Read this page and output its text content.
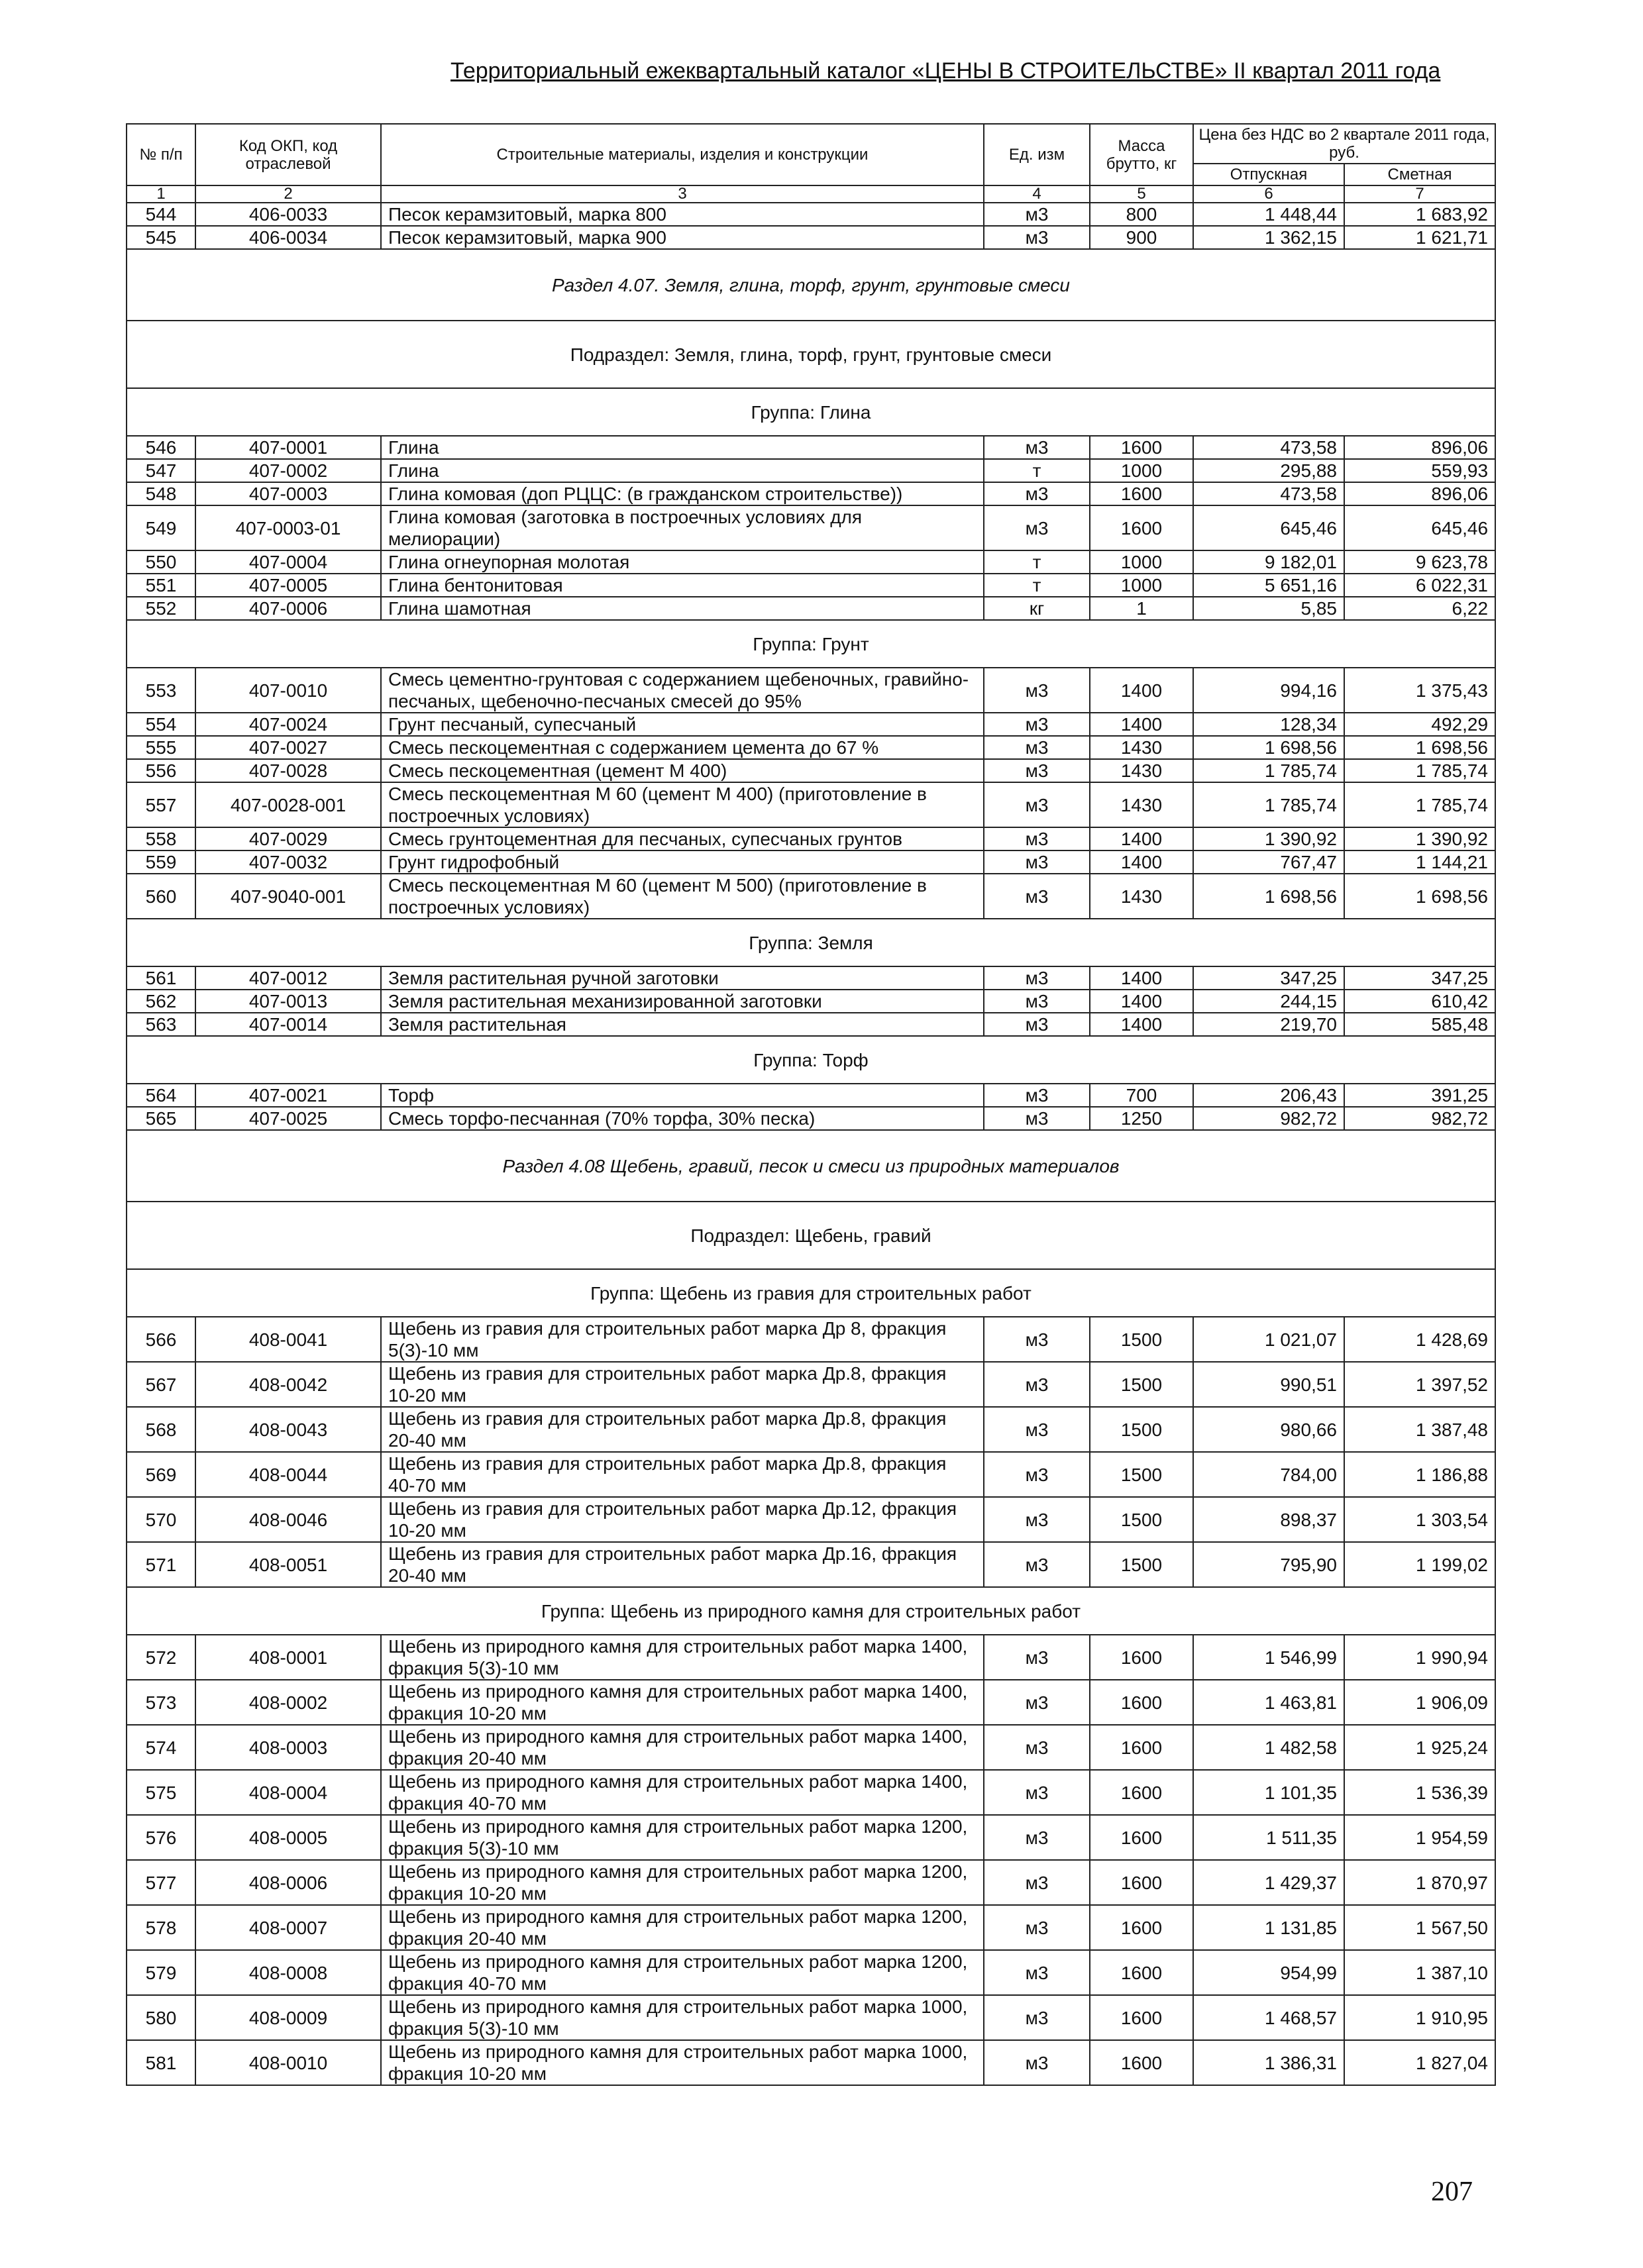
Территориальный ежеквартальный каталог «ЦЕНЫ В СТРОИТЕЛЬСТВЕ» II квартал 2011 года
№ п/п	Код ОКП, код отраслевой	Строительные материалы, изделия и конструкции	Ед. изм	Масса брутто, кг	Цена без НДС во 2 квартале 2011 года, руб.	
					Отпускная	Сметная
1	2	3	4	5	6	7
544	406-0033	Песок керамзитовый, марка 800	м3	800	1 448,44	1 683,92
545	406-0034	Песок керамзитовый, марка 900	м3	900	1 362,15	1 621,71
Раздел 4.07. Земля, глина, торф, грунт, грунтовые смеси						
Подраздел: Земля, глина, торф, грунт, грунтовые смеси						
Группа: Глина						
546	407-0001	Глина	м3	1600	473,58	896,06
547	407-0002	Глина	т	1000	295,88	559,93
548	407-0003	Глина комовая (доп РЦЦС: (в гражданском строительстве))	м3	1600	473,58	896,06
549	407-0003-01	Глина комовая (заготовка в построечных условиях для мелиорации)	м3	1600	645,46	645,46
550	407-0004	Глина огнеупорная молотая	т	1000	9 182,01	9 623,78
551	407-0005	Глина бентонитовая	т	1000	5 651,16	6 022,31
552	407-0006	Глина шамотная	кг	1	5,85	6,22
Группа: Грунт						
553	407-0010	Смесь цементно-грунтовая с содержанием щебеночных, гравийно-песчаных, щебеночно-песчаных смесей до 95%	м3	1400	994,16	1 375,43
554	407-0024	Грунт песчаный, супесчаный	м3	1400	128,34	492,29
555	407-0027	Смесь пескоцементная с содержанием цемента до 67 %	м3	1430	1 698,56	1 698,56
556	407-0028	Смесь пескоцементная (цемент М 400)	м3	1430	1 785,74	1 785,74
557	407-0028-001	Смесь пескоцементная М 60 (цемент М 400) (приготовление в построечных условиях)	м3	1430	1 785,74	1 785,74
558	407-0029	Смесь грунтоцементная для песчаных, супесчаных грунтов	м3	1400	1 390,92	1 390,92
559	407-0032	Грунт гидрофобный	м3	1400	767,47	1 144,21
560	407-9040-001	Смесь пескоцементная М 60 (цемент М 500) (приготовление в построечных условиях)	м3	1430	1 698,56	1 698,56
Группа: Земля						
561	407-0012	Земля растительная ручной заготовки	м3	1400	347,25	347,25
562	407-0013	Земля растительная механизированной заготовки	м3	1400	244,15	610,42
563	407-0014	Земля растительная	м3	1400	219,70	585,48
Группа: Торф						
564	407-0021	Торф	м3	700	206,43	391,25
565	407-0025	Смесь торфо-песчанная (70% торфа, 30% песка)	м3	1250	982,72	982,72
Раздел 4.08 Щебень, гравий, песок и смеси из природных материалов						
Подраздел: Щебень, гравий						
Группа: Щебень из гравия для строительных работ						
566	408-0041	Щебень из гравия для строительных работ марка Др 8, фракция 5(3)-10 мм	м3	1500	1 021,07	1 428,69
567	408-0042	Щебень из гравия для строительных работ марка Др.8, фракция 10-20 мм	м3	1500	990,51	1 397,52
568	408-0043	Щебень из гравия для строительных работ марка Др.8, фракция 20-40 мм	м3	1500	980,66	1 387,48
569	408-0044	Щебень из гравия для строительных работ марка Др.8, фракция 40-70 мм	м3	1500	784,00	1 186,88
570	408-0046	Щебень из гравия для строительных работ марка Др.12, фракция 10-20 мм	м3	1500	898,37	1 303,54
571	408-0051	Щебень из гравия для строительных работ марка Др.16, фракция 20-40 мм	м3	1500	795,90	1 199,02
Группа: Щебень из природного камня для строительных работ						
572	408-0001	Щебень из природного камня для строительных работ марка 1400, фракция 5(3)-10 мм	м3	1600	1 546,99	1 990,94
573	408-0002	Щебень из природного камня для строительных работ марка 1400, фракция 10-20 мм	м3	1600	1 463,81	1 906,09
574	408-0003	Щебень из природного камня для строительных работ марка 1400, фракция 20-40 мм	м3	1600	1 482,58	1 925,24
575	408-0004	Щебень из природного камня для строительных работ марка 1400, фракция 40-70 мм	м3	1600	1 101,35	1 536,39
576	408-0005	Щебень из природного камня для строительных работ марка 1200, фракция 5(3)-10 мм	м3	1600	1 511,35	1 954,59
577	408-0006	Щебень из природного камня для строительных работ марка 1200, фракция 10-20 мм	м3	1600	1 429,37	1 870,97
578	408-0007	Щебень из природного камня для строительных работ марка 1200, фракция 20-40 мм	м3	1600	1 131,85	1 567,50
579	408-0008	Щебень из природного камня для строительных работ марка 1200, фракция 40-70 мм	м3	1600	954,99	1 387,10
580	408-0009	Щебень из природного камня для строительных работ марка 1000, фракция 5(3)-10 мм	м3	1600	1 468,57	1 910,95
581	408-0010	Щебень из природного камня для строительных работ марка 1000, фракция 10-20 мм	м3	1600	1 386,31	1 827,04
207
